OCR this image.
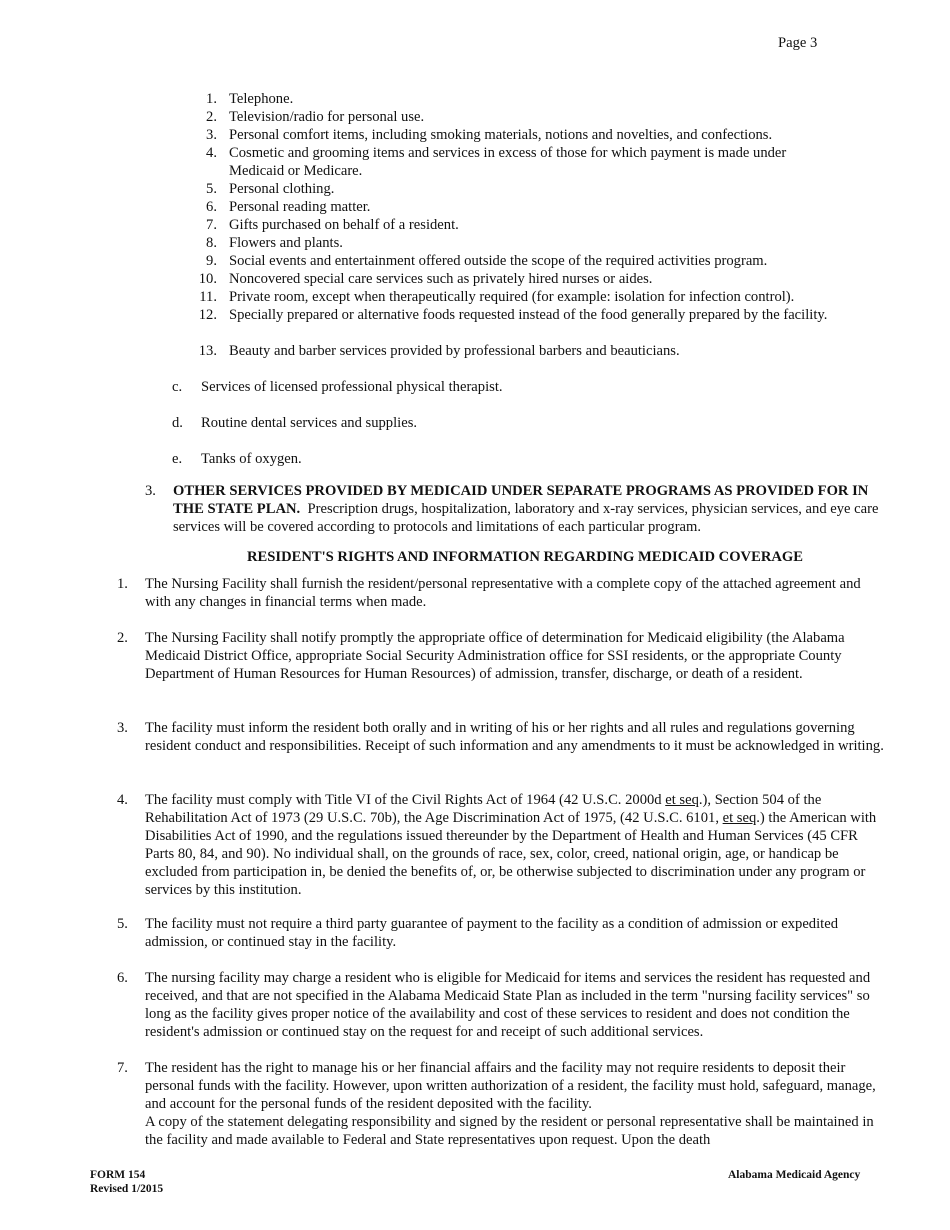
Page 3
1. Telephone.
2. Television/radio for personal use.
3. Personal comfort items, including smoking materials, notions and novelties, and confections.
4. Cosmetic and grooming items and services in excess of those for which payment is made under Medicaid or Medicare.
5. Personal clothing.
6. Personal reading matter.
7. Gifts purchased on behalf of a resident.
8. Flowers and plants.
9. Social events and entertainment offered outside the scope of the required activities program.
10. Noncovered special care services such as privately hired nurses or aides.
11. Private room, except when therapeutically required (for example: isolation for infection control).
12. Specially prepared or alternative foods requested instead of the food generally prepared by the facility.
13. Beauty and barber services provided by professional barbers and beauticians.
c. Services of licensed professional physical therapist.
d. Routine dental services and supplies.
e. Tanks of oxygen.
3. OTHER SERVICES PROVIDED BY MEDICAID UNDER SEPARATE PROGRAMS AS PROVIDED FOR IN THE STATE PLAN. Prescription drugs, hospitalization, laboratory and x-ray services, physician services, and eye care services will be covered according to protocols and limitations of each particular program.
RESIDENT'S RIGHTS AND INFORMATION REGARDING MEDICAID COVERAGE
1. The Nursing Facility shall furnish the resident/personal representative with a complete copy of the attached agreement and with any changes in financial terms when made.
2. The Nursing Facility shall notify promptly the appropriate office of determination for Medicaid eligibility (the Alabama Medicaid District Office, appropriate Social Security Administration office for SSI residents, or the appropriate County Department of Human Resources for Human Resources) of admission, transfer, discharge, or death of a resident.
3. The facility must inform the resident both orally and in writing of his or her rights and all rules and regulations governing resident conduct and responsibilities. Receipt of such information and any amendments to it must be acknowledged in writing.
4. The facility must comply with Title VI of the Civil Rights Act of 1964 (42 U.S.C. 2000d et seq.), Section 504 of the Rehabilitation Act of 1973 (29 U.S.C. 70b), the Age Discrimination Act of 1975, (42 U.S.C. 6101, et seq.) the American with Disabilities Act of 1990, and the regulations issued thereunder by the Department of Health and Human Services (45 CFR Parts 80, 84, and 90). No individual shall, on the grounds of race, sex, color, creed, national origin, age, or handicap be excluded from participation in, be denied the benefits of, or, be otherwise subjected to discrimination under any program or services by this institution.
5. The facility must not require a third party guarantee of payment to the facility as a condition of admission or expedited admission, or continued stay in the facility.
6. The nursing facility may charge a resident who is eligible for Medicaid for items and services the resident has requested and received, and that are not specified in the Alabama Medicaid State Plan as included in the term "nursing facility services" so long as the facility gives proper notice of the availability and cost of these services to resident and does not condition the resident's admission or continued stay on the request for and receipt of such additional services.
7. The resident has the right to manage his or her financial affairs and the facility may not require residents to deposit their personal funds with the facility. However, upon written authorization of a resident, the facility must hold, safeguard, manage, and account for the personal funds of the resident deposited with the facility.
A copy of the statement delegating responsibility and signed by the resident or personal representative shall be maintained in the facility and made available to Federal and State representatives upon request. Upon the death
FORM 154
Revised 1/2015
Alabama Medicaid Agency
